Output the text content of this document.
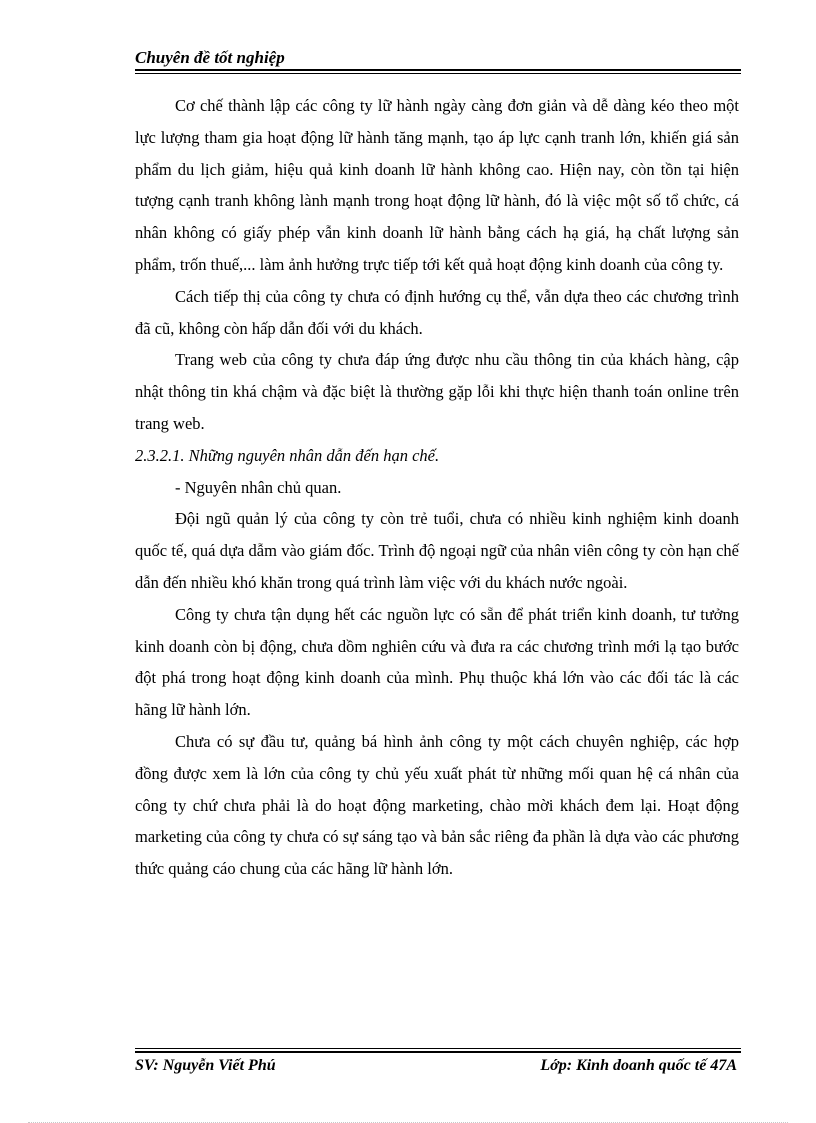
Chuyên đề tốt nghiệp

Cơ chế thành lập các công ty lữ hành ngày càng đơn giản và dễ dàng kéo theo một lực lượng tham gia hoạt động lữ hành tăng mạnh, tạo áp lực cạnh tranh lớn, khiến giá sản phẩm du lịch giảm, hiệu quả kinh doanh lữ hành không cao. Hiện nay, còn tồn tại hiện tượng cạnh tranh không lành mạnh trong hoạt động lữ hành, đó là việc một số tổ chức, cá nhân không có giấy phép vẫn kinh doanh lữ hành bằng cách hạ giá, hạ chất lượng sản phẩm, trốn thuế,... làm ảnh hưởng trực tiếp tới kết quả hoạt động kinh doanh của công ty.

Cách tiếp thị của công ty chưa có định hướng cụ thể, vẫn dựa theo các chương trình đã cũ, không còn hấp dẫn đối với du khách.

Trang web của công ty chưa đáp ứng được nhu cầu thông tin của khách hàng, cập nhật thông tin khá chậm và đặc biệt là thường gặp lỗi khi thực hiện thanh toán online trên trang web.

2.3.2.1. Những nguyên nhân dẫn đến hạn chế.

- Nguyên nhân chủ quan.

Đội ngũ quản lý của công ty còn trẻ tuổi, chưa có nhiều kinh nghiệm kinh doanh quốc tế, quá dựa dẫm vào giám đốc. Trình độ ngoại ngữ của nhân viên công ty còn hạn chế dẫn đến nhiều khó khăn trong quá trình làm việc với du khách nước ngoài.

Công ty chưa tận dụng hết các nguồn lực có sẵn để phát triển kinh doanh, tư tưởng kinh doanh còn bị động, chưa dồm nghiên cứu và đưa ra các chương trình mới lạ tạo bước đột phá trong hoạt động kinh doanh của mình. Phụ thuộc khá lớn vào các đối tác là các hãng lữ hành lớn.

Chưa có sự đầu tư, quảng bá hình ảnh công ty một cách chuyên nghiệp, các hợp đồng được xem là lớn của công ty chủ yếu xuất phát từ những mối quan hệ cá nhân của công ty chứ chưa phải là do hoạt động marketing, chào mời khách đem lại. Hoạt động marketing của công ty chưa có sự sáng tạo và bản sắc riêng đa phần là dựa vào các phương thức quảng cáo chung của các hãng lữ hành lớn.

SV: Nguyễn Viết Phú	Lớp: Kinh doanh quốc tế 47A
